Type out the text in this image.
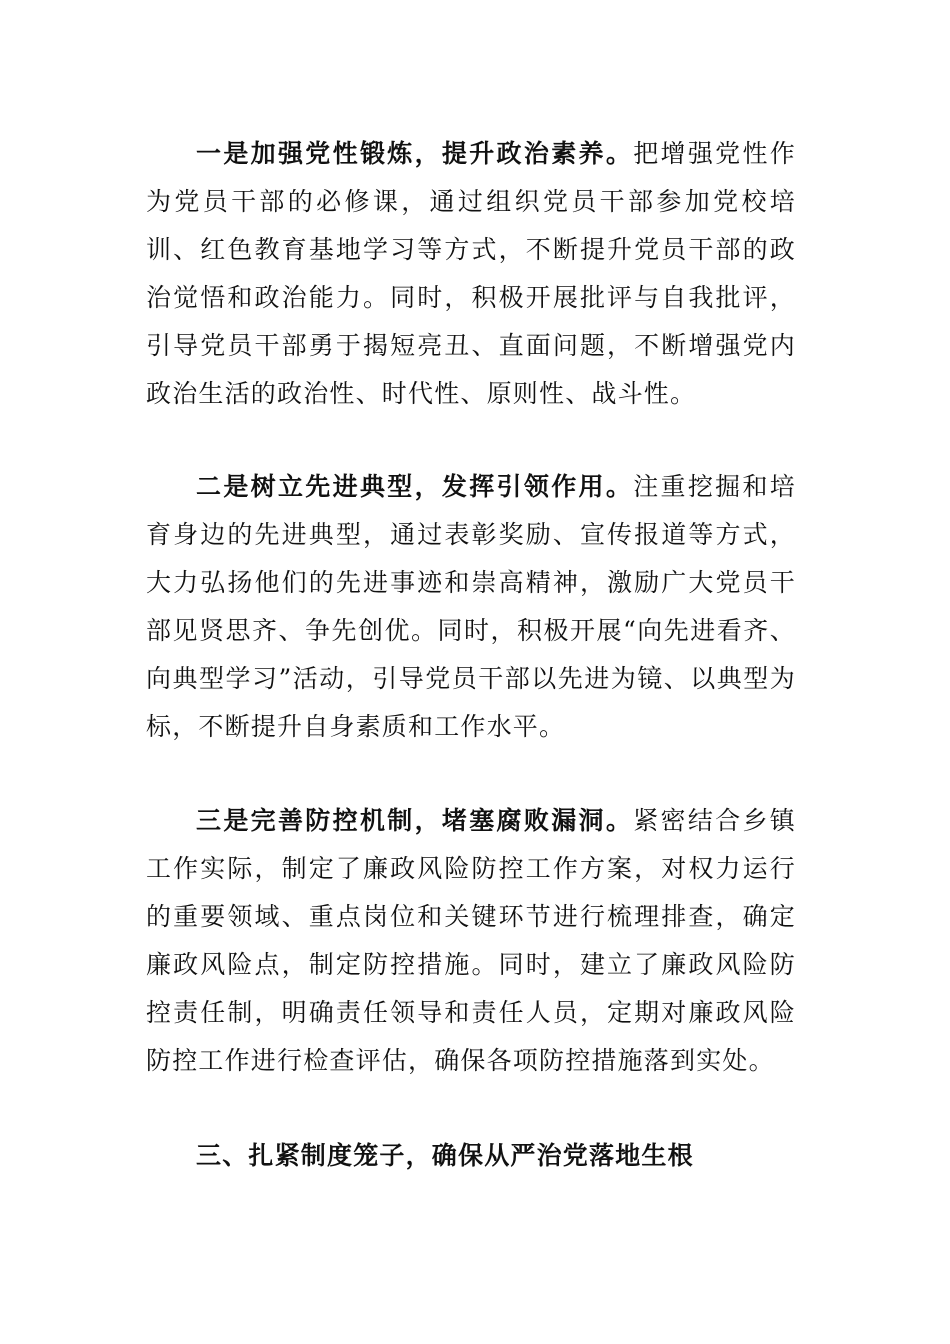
一是加强党性锻炼，提升政治素养。把增强党性作为党员干部的必修课，通过组织党员干部参加党校培训、红色教育基地学习等方式，不断提升党员干部的政治觉悟和政治能力。同时，积极开展批评与自我批评，引导党员干部勇于揭短亮丑、直面问题，不断增强党内政治生活的政治性、时代性、原则性、战斗性。

二是树立先进典型，发挥引领作用。注重挖掘和培育身边的先进典型，通过表彰奖励、宣传报道等方式，大力弘扬他们的先进事迹和崇高精神，激励广大党员干部见贤思齐、争先创优。同时，积极开展“向先进看齐、向典型学习”活动，引导党员干部以先进为镜、以典型为标，不断提升自身素质和工作水平。

三是完善防控机制，堵塞腐败漏洞。紧密结合乡镇工作实际，制定了廉政风险防控工作方案，对权力运行的重要领域、重点岗位和关键环节进行梳理排查，确定廉政风险点，制定防控措施。同时，建立了廉政风险防控责任制，明确责任领导和责任人员，定期对廉政风险防控工作进行检查评估，确保各项防控措施落到实处。

三、扎紧制度笼子，确保从严治党落地生根
